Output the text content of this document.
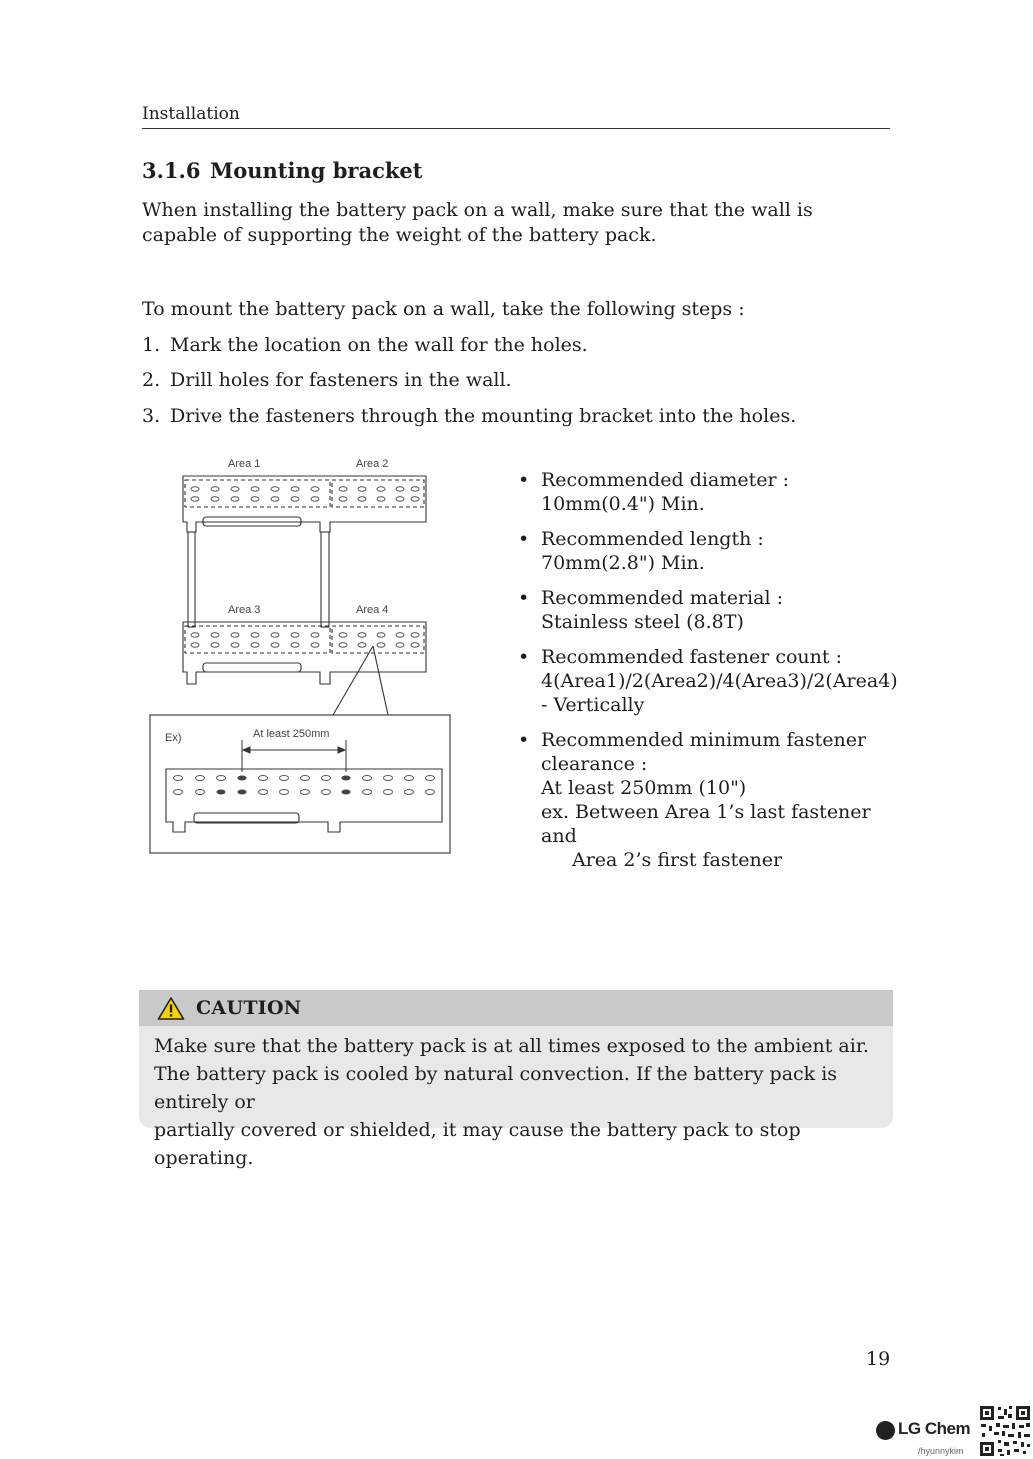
Installation
3.1.6 Mounting bracket
When installing the battery pack on a wall, make sure that the wall is capable of supporting the weight of the battery pack.
To mount the battery pack on a wall, take the following steps :
1. Mark the location on the wall for the holes.
2. Drill holes for fasteners in the wall.
3. Drive the fasteners through the mounting bracket into the holes.
Area 1	Area 2
Area 3	Area 4
Ex)	At least 250mm
• Recommended diameter :
10mm(0.4") Min.
• Recommended length :
70mm(2.8") Min.
• Recommended material :
Stainless steel (8.8T)
• Recommended fastener count :
4(Area1)/2(Area2)/4(Area3)/2(Area4)
- Vertically
• Recommended minimum fastener
clearance :
At least 250mm (10")
ex. Between Area 1’s last fastener and
Area 2’s first fastener
CAUTION
Make sure that the battery pack is at all times exposed to the ambient air.
The battery pack is cooled by natural convection. If the battery pack is entirely or
partially covered or shielded, it may cause the battery pack to stop operating.
19
LG Chem
/hyunnykim
